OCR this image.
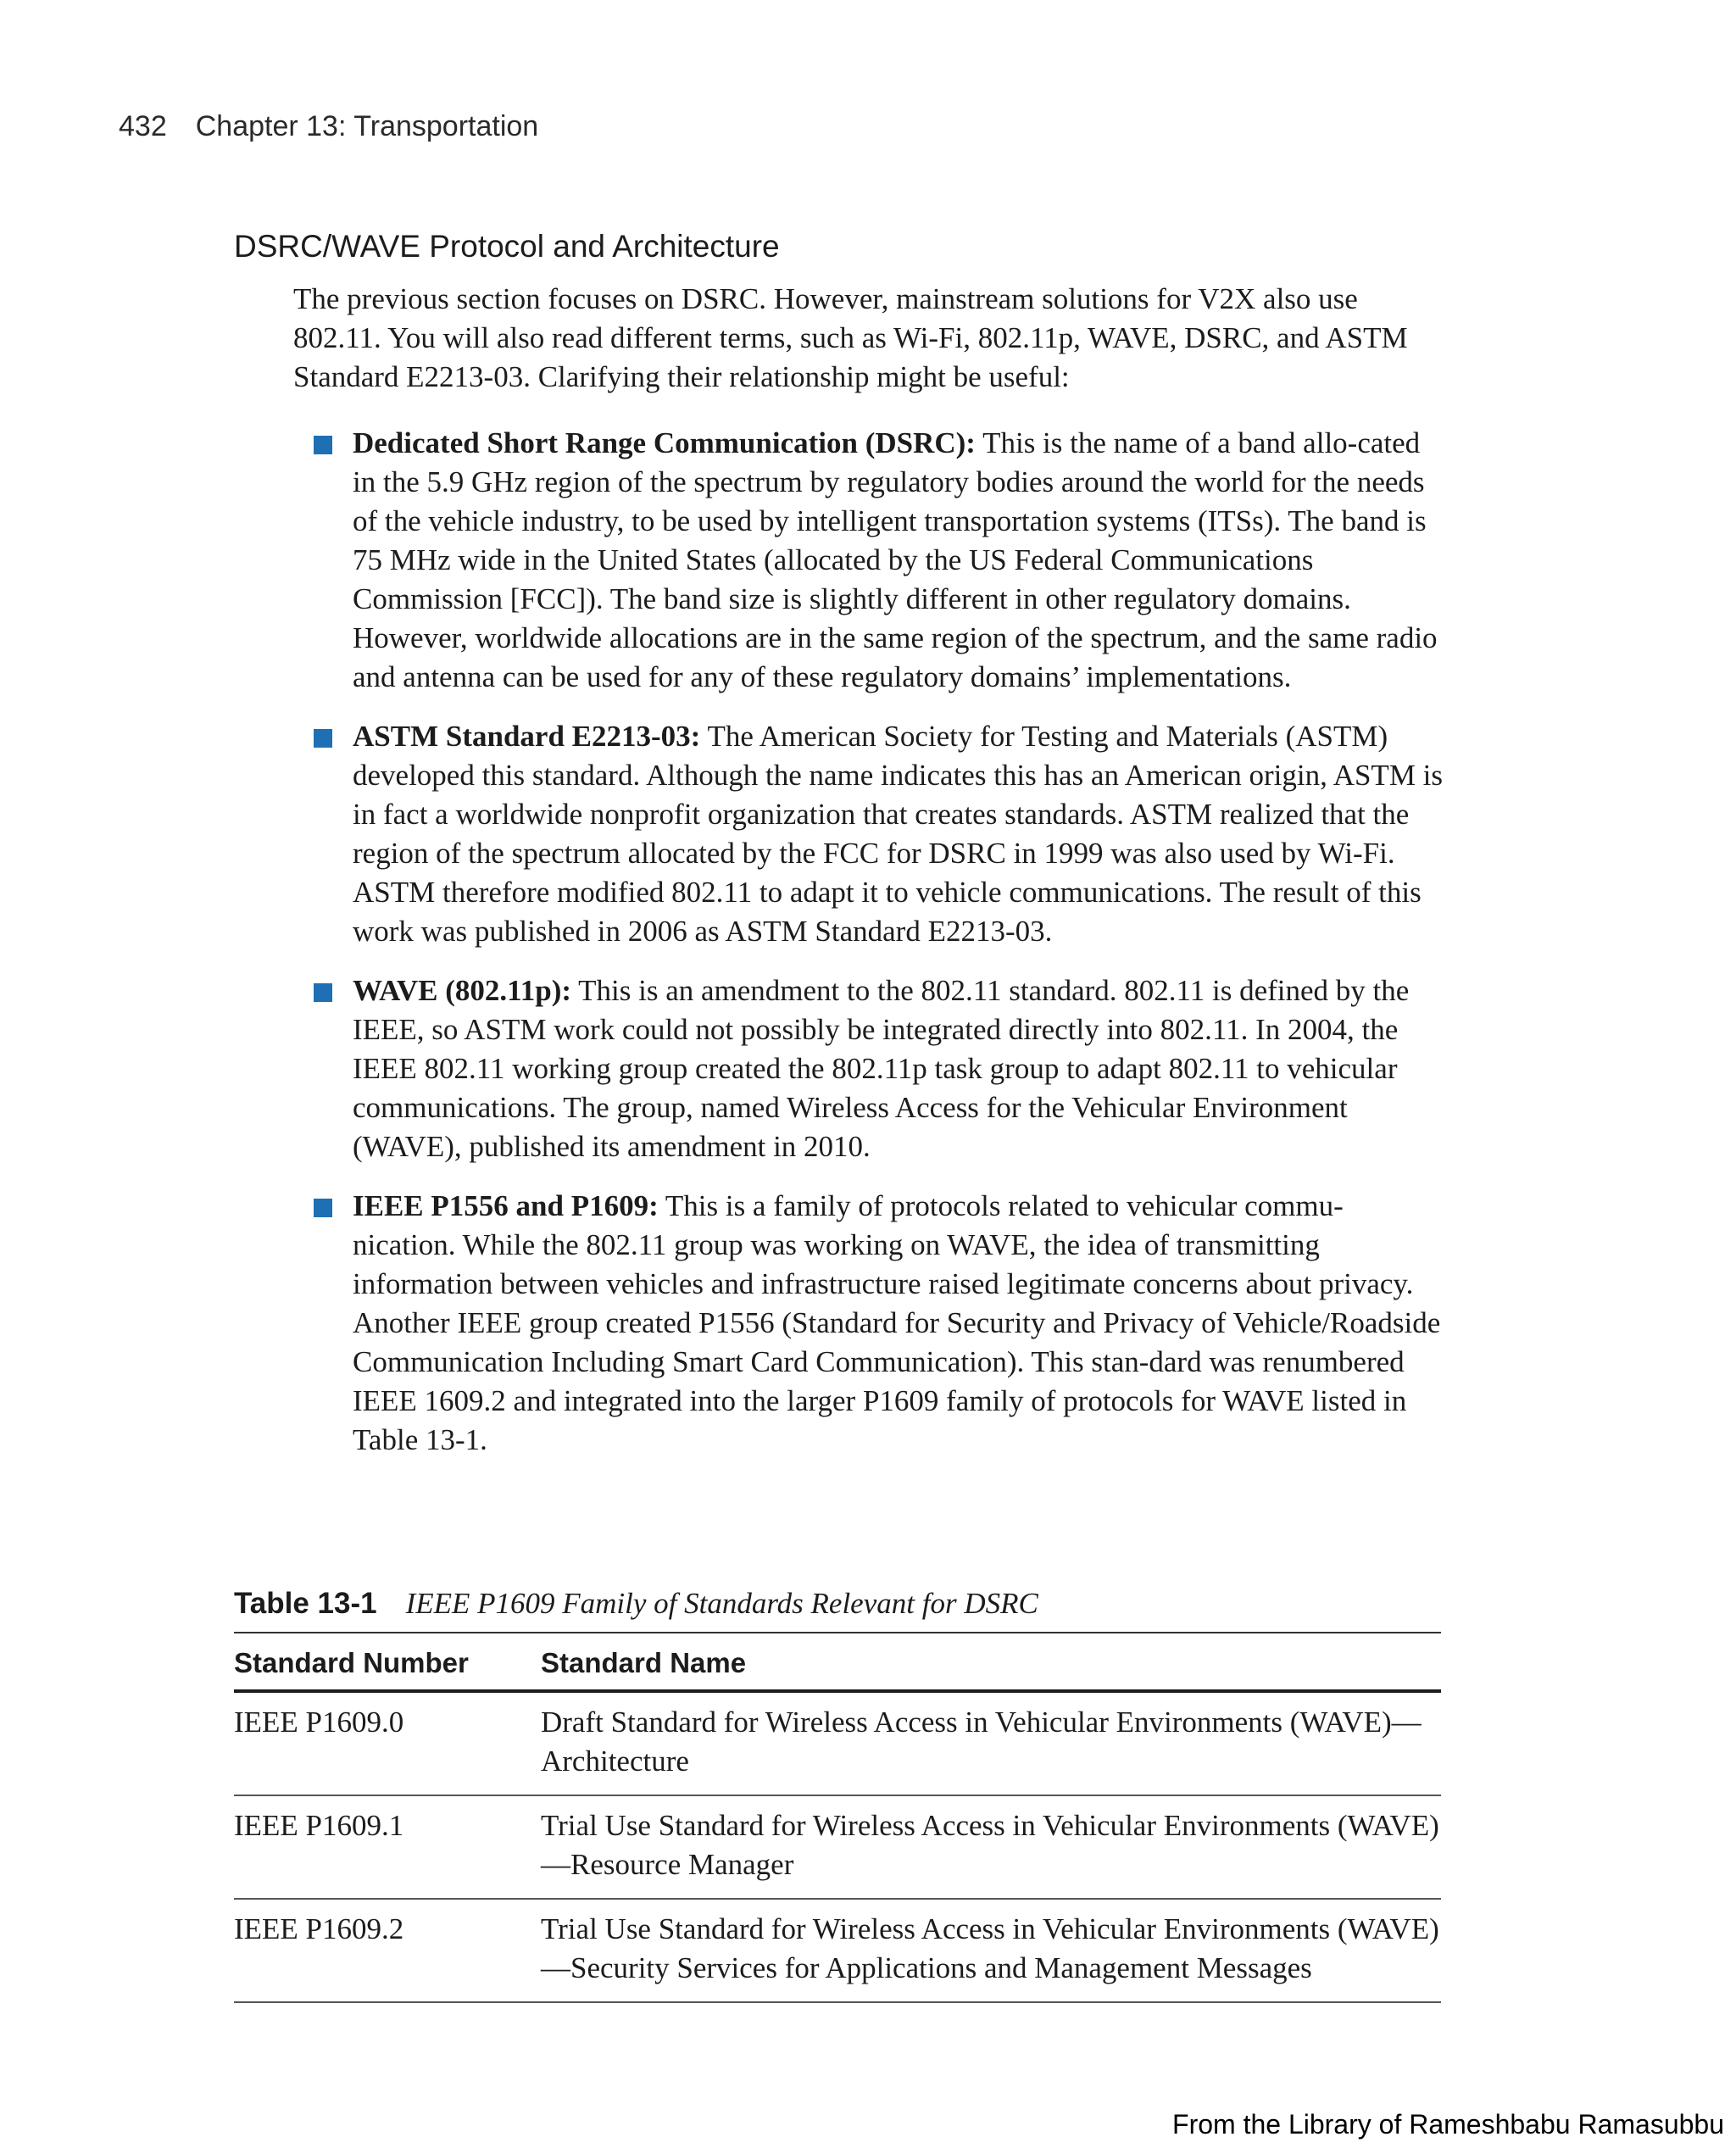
432 Chapter 13: Transportation
DSRC/WAVE Protocol and Architecture

The previous section focuses on DSRC. However, mainstream solutions for V2X also use 802.11. You will also read different terms, such as Wi-Fi, 802.11p, WAVE, DSRC, and ASTM Standard E2213-03. Clarifying their relationship might be useful:

Dedicated Short Range Communication (DSRC): This is the name of a band allo-cated in the 5.9 GHz region of the spectrum by regulatory bodies around the world for the needs of the vehicle industry, to be used by intelligent transportation systems (ITSs). The band is 75 MHz wide in the United States (allocated by the US Federal Communications Commission [FCC]). The band size is slightly different in other regulatory domains. However, worldwide allocations are in the same region of the spectrum, and the same radio and antenna can be used for any of these regulatory domains’ implementations.
ASTM Standard E2213-03: The American Society for Testing and Materials (ASTM) developed this standard. Although the name indicates this has an American origin, ASTM is in fact a worldwide nonprofit organization that creates standards. ASTM realized that the region of the spectrum allocated by the FCC for DSRC in 1999 was also used by Wi-Fi. ASTM therefore modified 802.11 to adapt it to vehicle communications. The result of this work was published in 2006 as ASTM Standard E2213-03.
WAVE (802.11p): This is an amendment to the 802.11 standard. 802.11 is defined by the IEEE, so ASTM work could not possibly be integrated directly into 802.11. In 2004, the IEEE 802.11 working group created the 802.11p task group to adapt 802.11 to vehicular communications. The group, named Wireless Access for the Vehicular Environment (WAVE), published its amendment in 2010.
IEEE P1556 and P1609: This is a family of protocols related to vehicular commu-nication. While the 802.11 group was working on WAVE, the idea of transmitting information between vehicles and infrastructure raised legitimate concerns about privacy. Another IEEE group created P1556 (Standard for Security and Privacy of Vehicle/Roadside Communication Including Smart Card Communication). This stan-dard was renumbered IEEE 1609.2 and integrated into the larger P1609 family of protocols for WAVE listed in Table 13-1.
Table 13-1 IEEE P1609 Family of Standards Relevant for DSRC
Standard Number	Standard Name
IEEE P1609.0	Draft Standard for Wireless Access in Vehicular Environments (WAVE)—Architecture
IEEE P1609.1	Trial Use Standard for Wireless Access in Vehicular Environments (WAVE)—Resource Manager
IEEE P1609.2	Trial Use Standard for Wireless Access in Vehicular Environments (WAVE)—Security Services for Applications and Management Messages
From the Library of Rameshbabu Ramasubbu
